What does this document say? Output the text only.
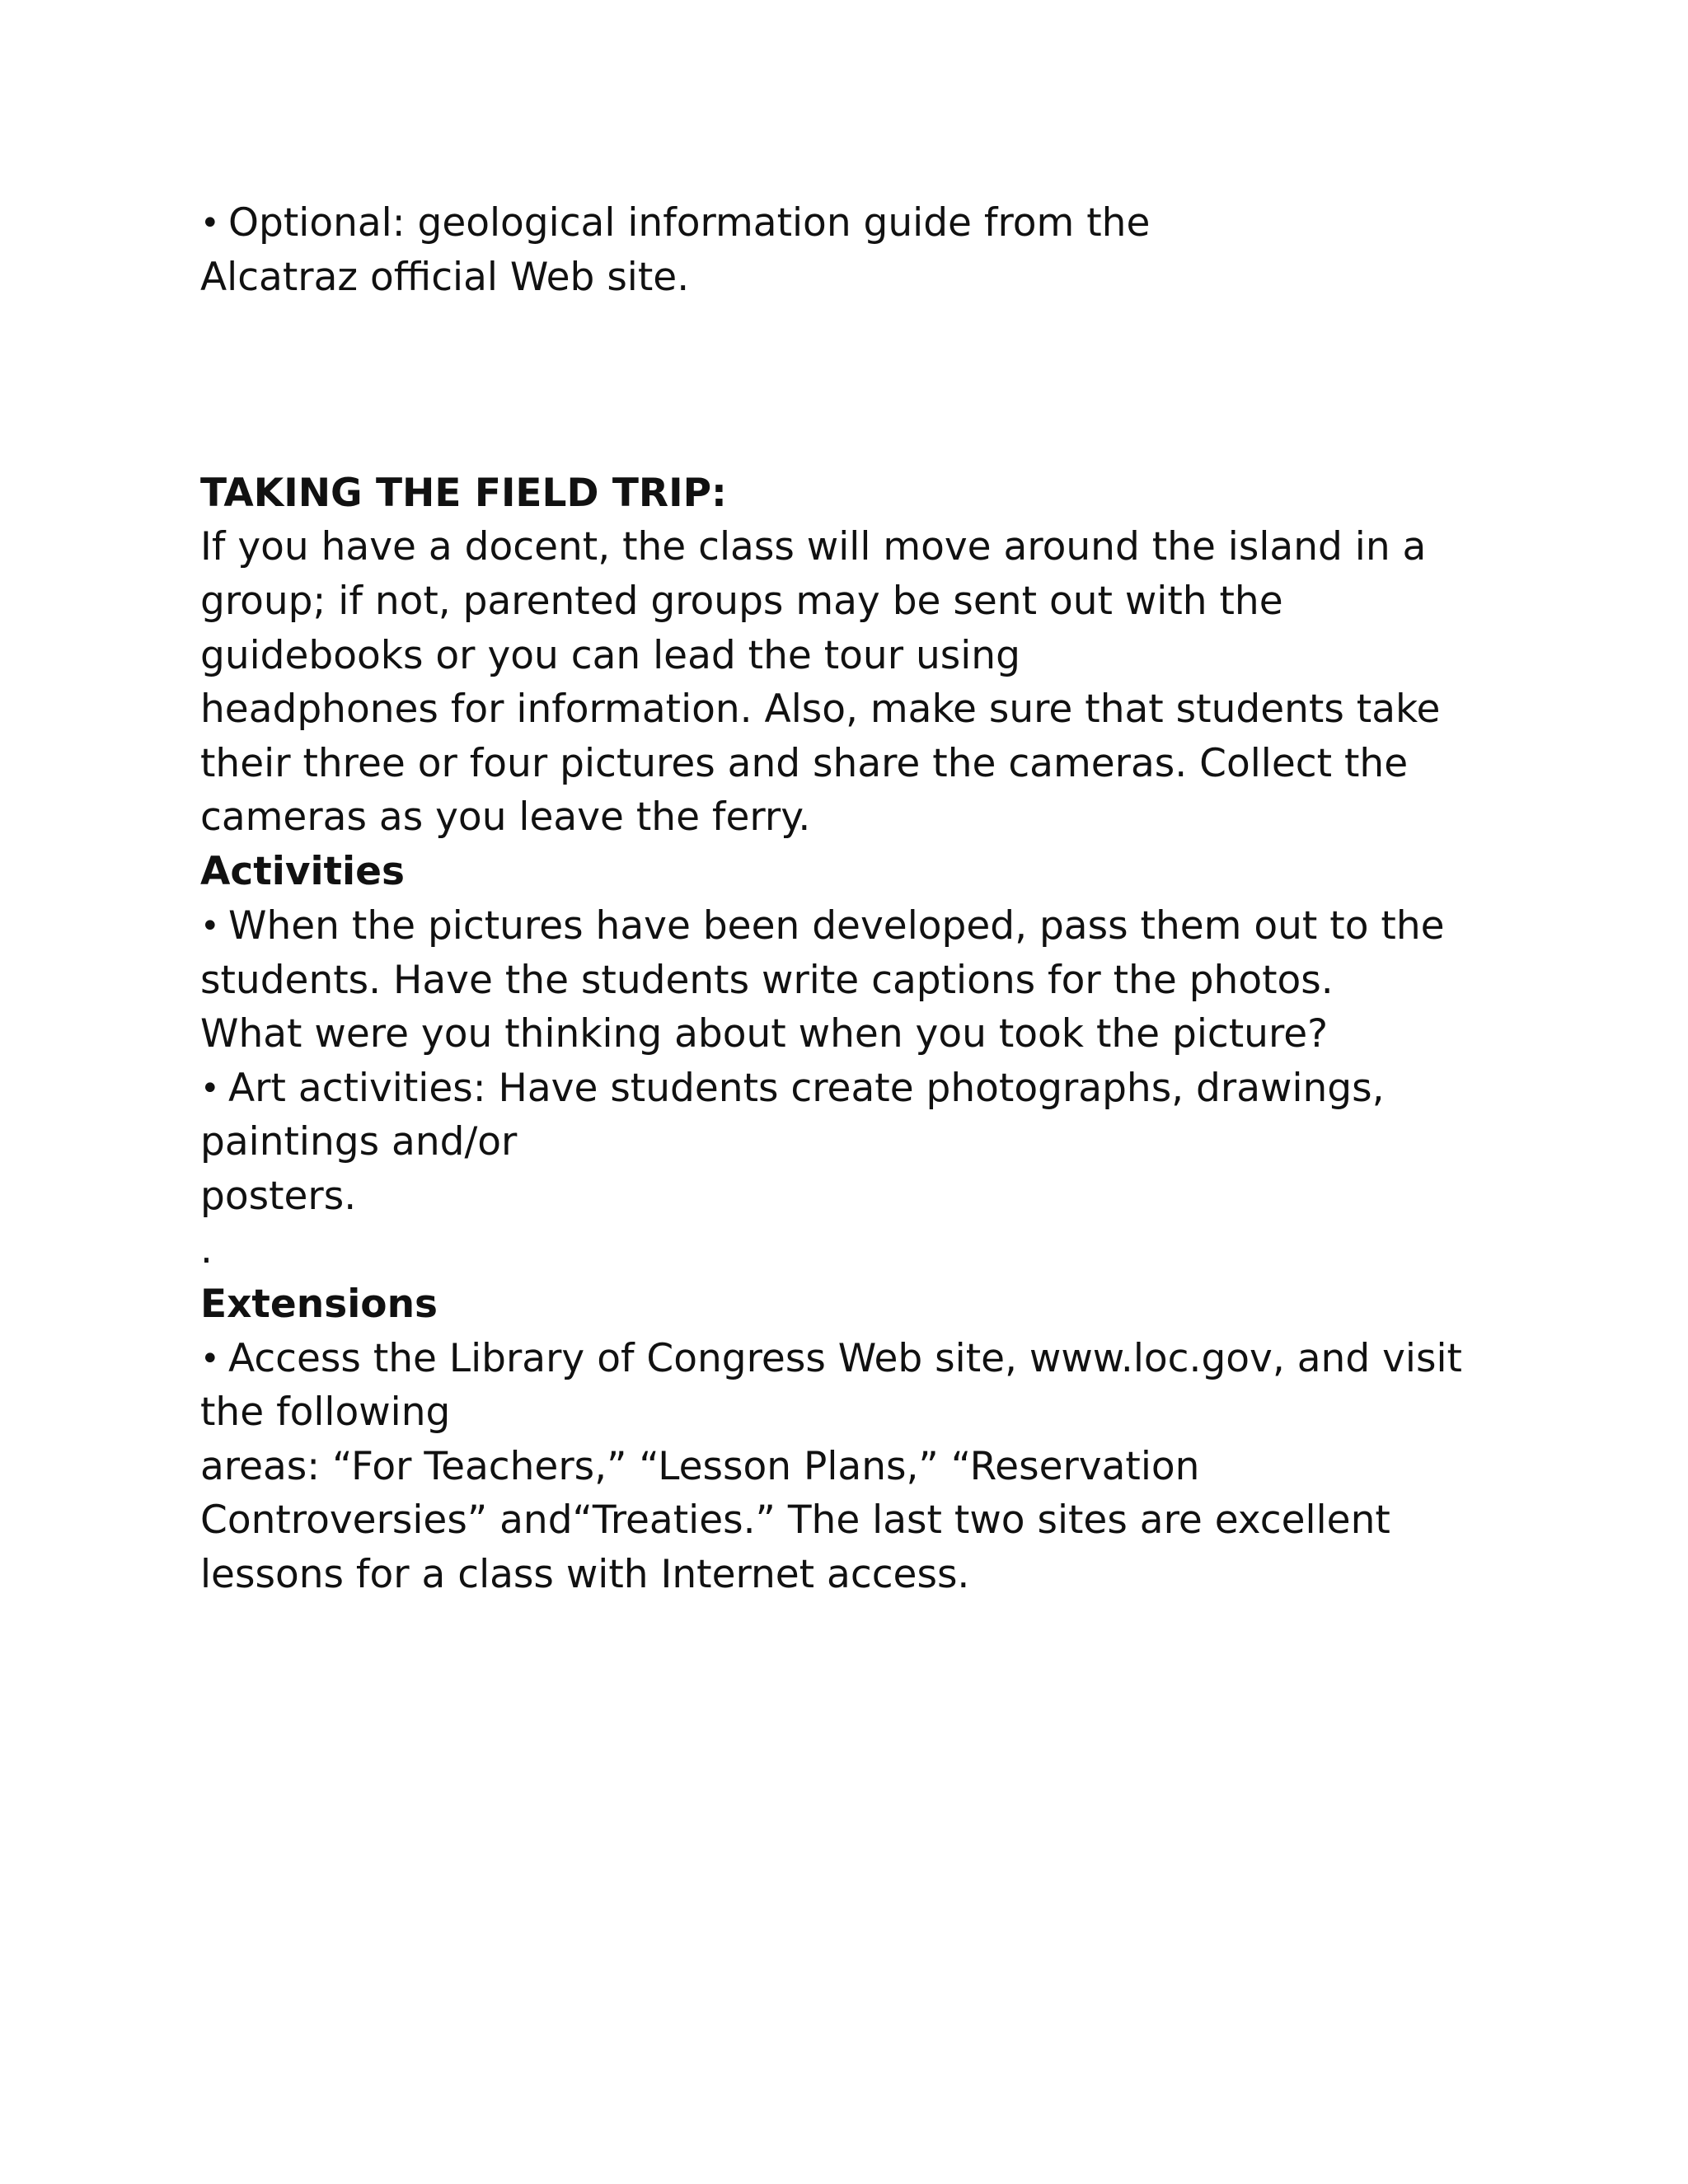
• Optional: geological information guide from the
Alcatraz official Web site.
TAKING THE FIELD TRIP:
If you have a docent, the class will move around the island in a
group; if not, parented groups may be sent out with the
guidebooks or you can lead the tour using
headphones for information. Also, make sure that students take
their three or four pictures and share the cameras. Collect the
cameras as you leave the ferry.
Activities
• When the pictures have been developed, pass them out to the
students. Have the students write captions for the photos.
What were you thinking about when you took the picture?
• Art activities: Have students create photographs, drawings,
paintings and/or
posters.
.
Extensions
• Access the Library of Congress Web site, www.loc.gov, and visit
the following
areas: “For Teachers,” “Lesson Plans,” “Reservation
Controversies” and“Treaties.” The last two sites are excellent
lessons for a class with Internet access.
